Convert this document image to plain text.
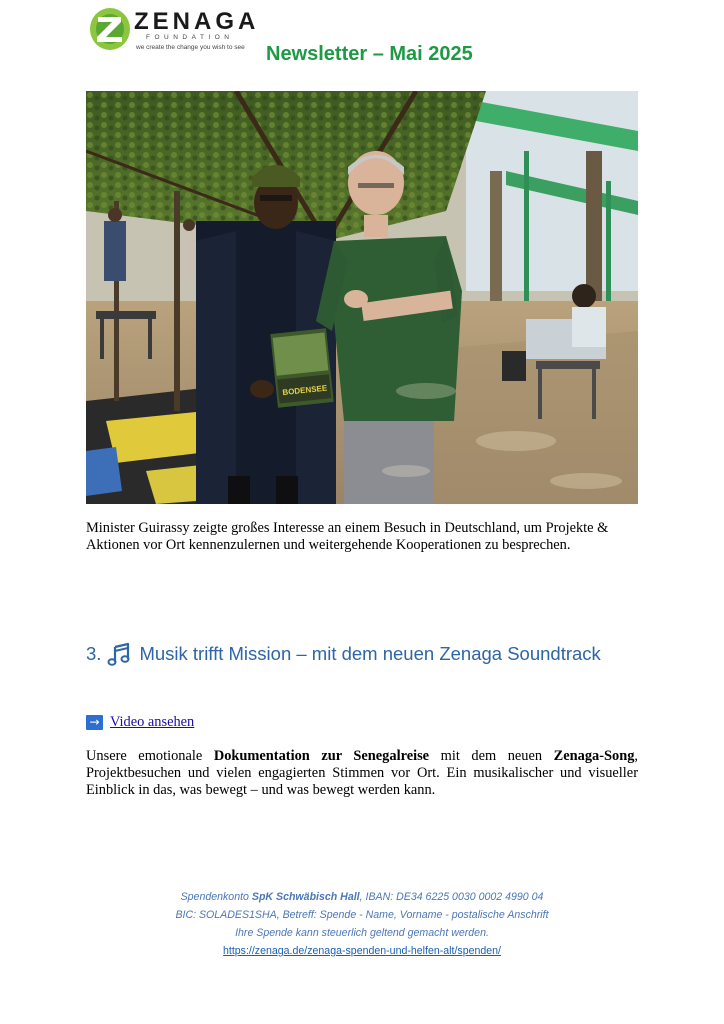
ZENAGA
FOUNDATION
we create the change you wish to see Newsletter – Mai 2025
BODENSEE
Minister Guirassy zeigte großes Interesse an einem Besuch in Deutschland, um Projekte & Aktionen vor Ort kennenzulernen und weitergehende Kooperationen zu besprechen.
3. Musik trifft Mission – mit dem neuen Zenaga Soundtrack
→ Video ansehen
Unsere emotionale Dokumentation zur Senegalreise mit dem neuen Zenaga-Song, Projektbesuchen und vielen engagierten Stimmen vor Ort. Ein musikalischer und visueller Einblick in das, was bewegt – und was bewegt werden kann.
Spendenkonto SpK Schwäbisch Hall, IBAN: DE34 6225 0030 0002 4990 04
BIC: SOLADES1SHA, Betreff: Spende - Name, Vorname - postalische Anschrift
Ihre Spende kann steuerlich geltend gemacht werden.
https://zenaga.de/zenaga-spenden-und-helfen-alt/spenden/
